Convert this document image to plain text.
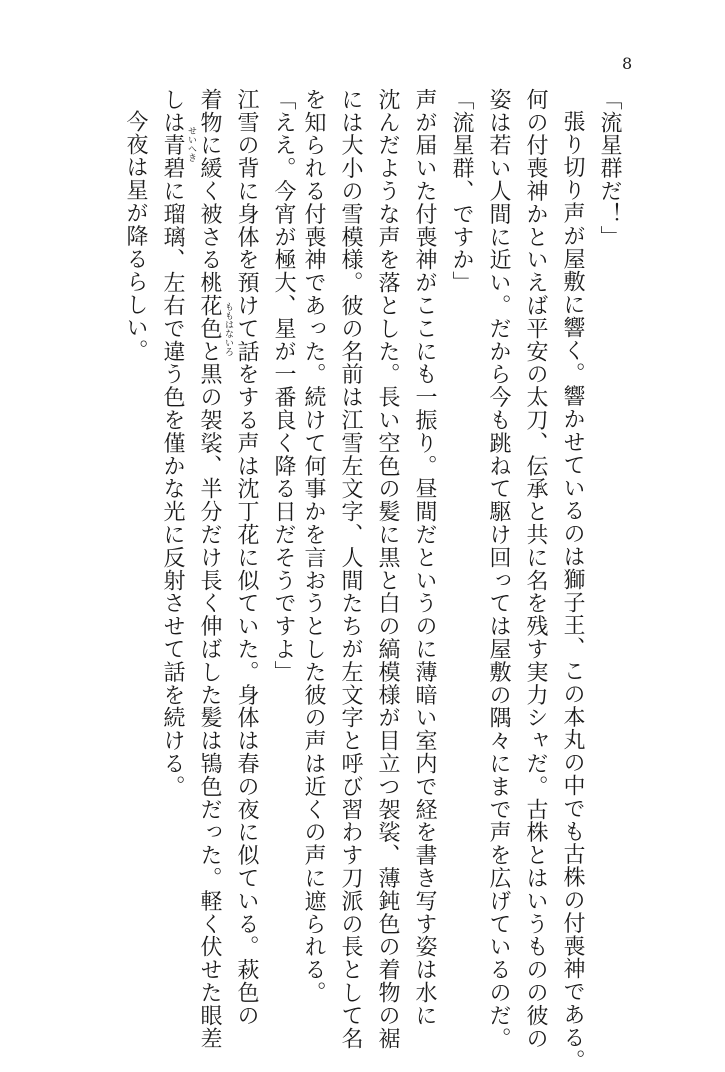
8
「流星群だ！」
張り切り声が屋敷に響く。響かせているのは獅子王、この本丸の中でも古株の付喪神である。
何の付喪神かといえば平安の太刀、伝承と共に名を残す実力シャだ。古株とはいうものの彼の
姿は若い人間に近い。だから今も跳ねて駆け回っては屋敷の隅々にまで声を広げているのだ。
「流星群、ですか」
声が届いた付喪神がここにも一振り。昼間だというのに薄暗い室内で経を書き写す姿は水に
沈んだような声を落とした。長い空色の髪に黒と白の縞模様が目立つ袈裟、薄鈍色の着物の裾
には大小の雪模様。彼の名前は江雪左文字、人間たちが左文字と呼び習わす刀派の長として名
を知られる付喪神であった。続けて何事かを言おうとした彼の声は近くの声に遮られる。
「ええ。今宵が極大、星が一番良く降る日だそうですよ」
江雪の背に身体を預けて話をする声は沈丁花に似ていた。身体は春の夜に似ている。萩色の
着物に緩く被さる桃花色と黒の袈裟、半分だけ長く伸ばした髪は鴇色だった。軽く伏せた眼差
しは青碧に瑠璃、左右で違う色を僅かな光に反射させて話を続ける。
今夜は星が降るらしい。	ももはないろ
せいへき
